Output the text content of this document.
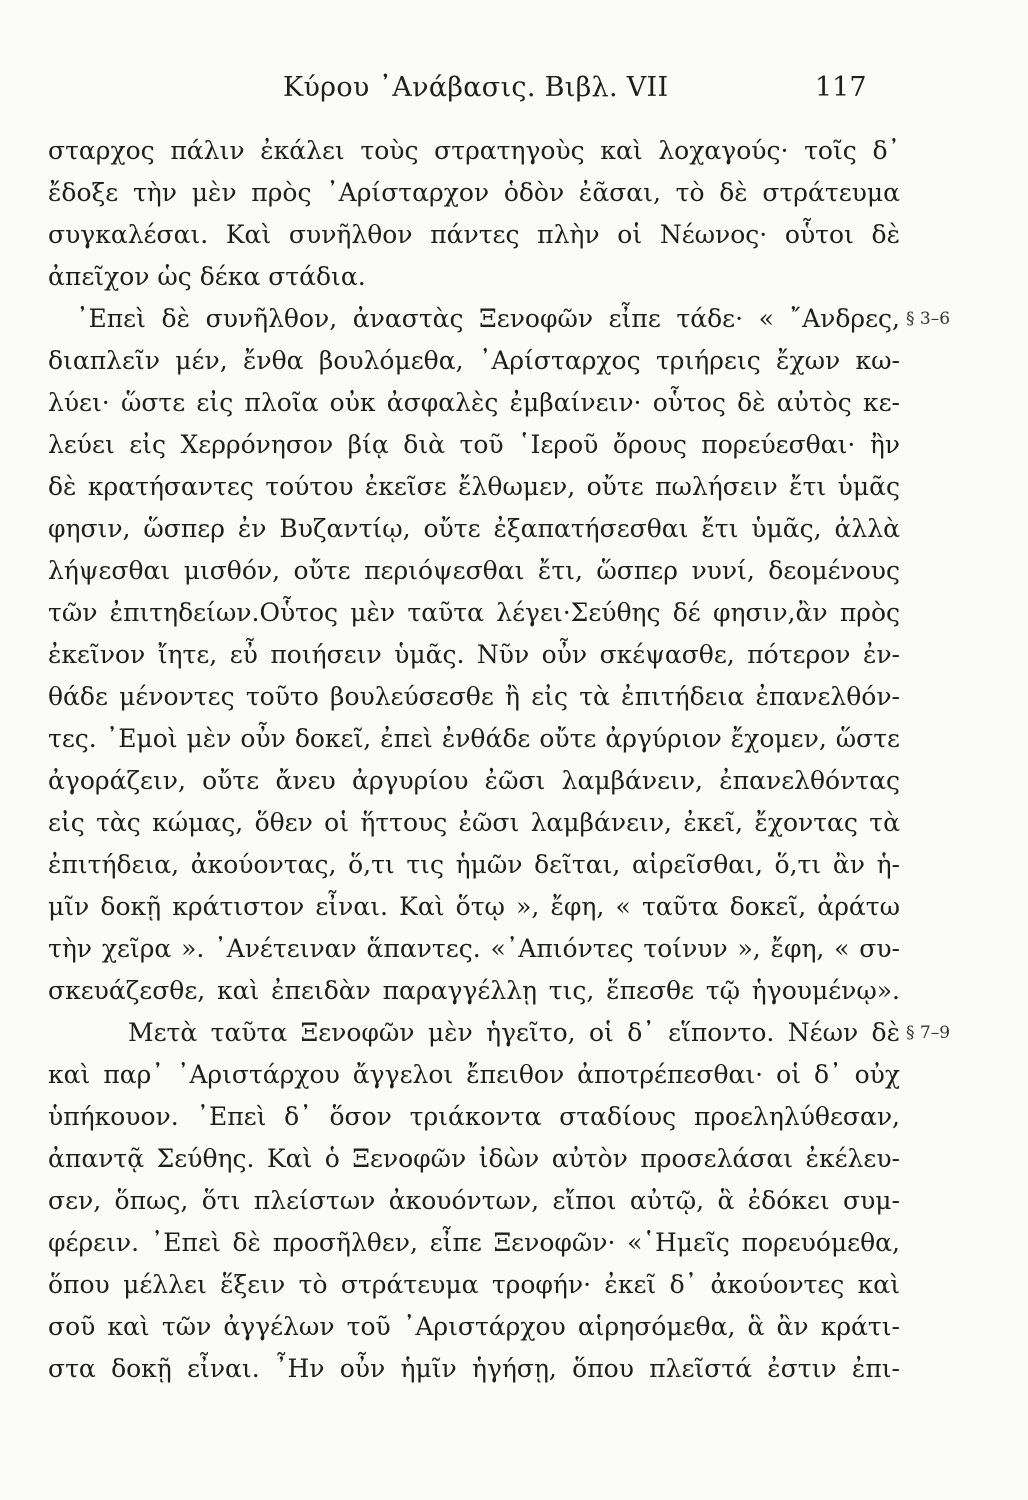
Κύρου ᾽Ανάβασις. Βιβλ. VII	117
σταρχος πάλιν ἐκάλει τοὺς στρατηγοὺς καὶ λοχαγούς· τοῖς δ᾽
ἔδοξε τὴν μὲν πρὸς ᾽Αρίσταρχον ὁδὸν ἐᾶσαι, τὸ δὲ στράτευμα
συγκαλέσαι. Καὶ συνῆλθον πάντες πλὴν οἱ Νέωνος· οὗτοι δὲ
ἀπεῖχον ὡς δέκα στάδια.
᾽Επεὶ δὲ συνῆλθον, ἀναστὰς Ξενοφῶν εἶπε τάδε· « ῎Ανδρες,
διαπλεῖν μέν, ἔνθα βουλόμεθα, ᾽Αρίσταρχος τριήρεις ἔχων κω-
λύει· ὥστε εἰς πλοῖα οὐκ ἀσφαλὲς ἐμβαίνειν· οὗτος δὲ αὐτὸς κε-
λεύει εἰς Χερρόνησον βίᾳ διὰ τοῦ ῾Ιεροῦ ὄρους πορεύεσθαι· ἢν
δὲ κρατήσαντες τούτου ἐκεῖσε ἔλθωμεν, οὔτε πωλήσειν ἔτι ὑμᾶς
φησιν, ὥσπερ ἐν Βυζαντίῳ, οὔτε ἐξαπατήσεσθαι ἔτι ὑμᾶς, ἀλλὰ
λήψεσθαι μισθόν, οὔτε περιόψεσθαι ἔτι, ὥσπερ νυνί, δεομένους
τῶν ἐπιτηδείων.Οὗτος μὲν ταῦτα λέγει·Σεύθης δέ φησιν,ἂν πρὸς
ἐκεῖνον ἴητε, εὖ ποιήσειν ὑμᾶς. Νῦν οὖν σκέψασθε, πότερον ἐν-
θάδε μένοντες τοῦτο βουλεύσεσθε ἢ εἰς τὰ ἐπιτήδεια ἐπανελθόν-
τες. ᾽Εμοὶ μὲν οὖν δοκεῖ, ἐπεὶ ἐνθάδε οὔτε ἀργύριον ἔχομεν, ὥστε
ἀγοράζειν, οὔτε ἄνευ ἀργυρίου ἐῶσι λαμβάνειν, ἐπανελθόντας
εἰς τὰς κώμας, ὅθεν οἱ ἥττους ἐῶσι λαμβάνειν, ἐκεῖ, ἔχοντας τὰ
ἐπιτήδεια, ἀκούοντας, ὅ,τι τις ἡμῶν δεῖται, αἱρεῖσθαι, ὅ,τι ἂν ἡ-
μῖν δοκῇ κράτιστον εἶναι. Καὶ ὅτῳ », ἔφη, « ταῦτα δοκεῖ, ἀράτω
τὴν χεῖρα ». ᾽Ανέτειναν ἅπαντες. «᾽Απιόντες τοίνυν », ἔφη, « συ-
σκευάζεσθε, καὶ ἐπειδὰν παραγγέλλῃ τις, ἕπεσθε τῷ ἡγουμένῳ».
Μετὰ ταῦτα Ξενοφῶν μὲν ἡγεῖτο, οἱ δ᾽ εἵποντο. Νέων δὲ
καὶ παρ᾽ ᾽Αριστάρχου ἄγγελοι ἔπειθον ἀποτρέπεσθαι· οἱ δ᾽ οὐχ
ὑπήκουον. ᾽Επεὶ δ᾽ ὅσον τριάκοντα σταδίους προεληλύθεσαν,
ἀπαντᾷ Σεύθης. Καὶ ὁ Ξενοφῶν ἰδὼν αὐτὸν προσελάσαι ἐκέλευ-
σεν, ὅπως, ὅτι πλείστων ἀκουόντων, εἴποι αὐτῷ, ἃ ἐδόκει συμ-
φέρειν. ᾽Επεὶ δὲ προσῆλθεν, εἶπε Ξενοφῶν· «῾Ημεῖς πορευόμεθα,
ὅπου μέλλει ἕξειν τὸ στράτευμα τροφήν· ἐκεῖ δ᾽ ἀκούοντες καὶ
σοῦ καὶ τῶν ἀγγέλων τοῦ ᾽Αριστάρχου αἱρησόμεθα, ἃ ἂν κράτι-
στα δοκῇ εἶναι. ῏Ην οὖν ἡμῖν ἡγήσῃ, ὅπου πλεῖστά ἐστιν ἐπι-
§ 3–6
§ 7–9
